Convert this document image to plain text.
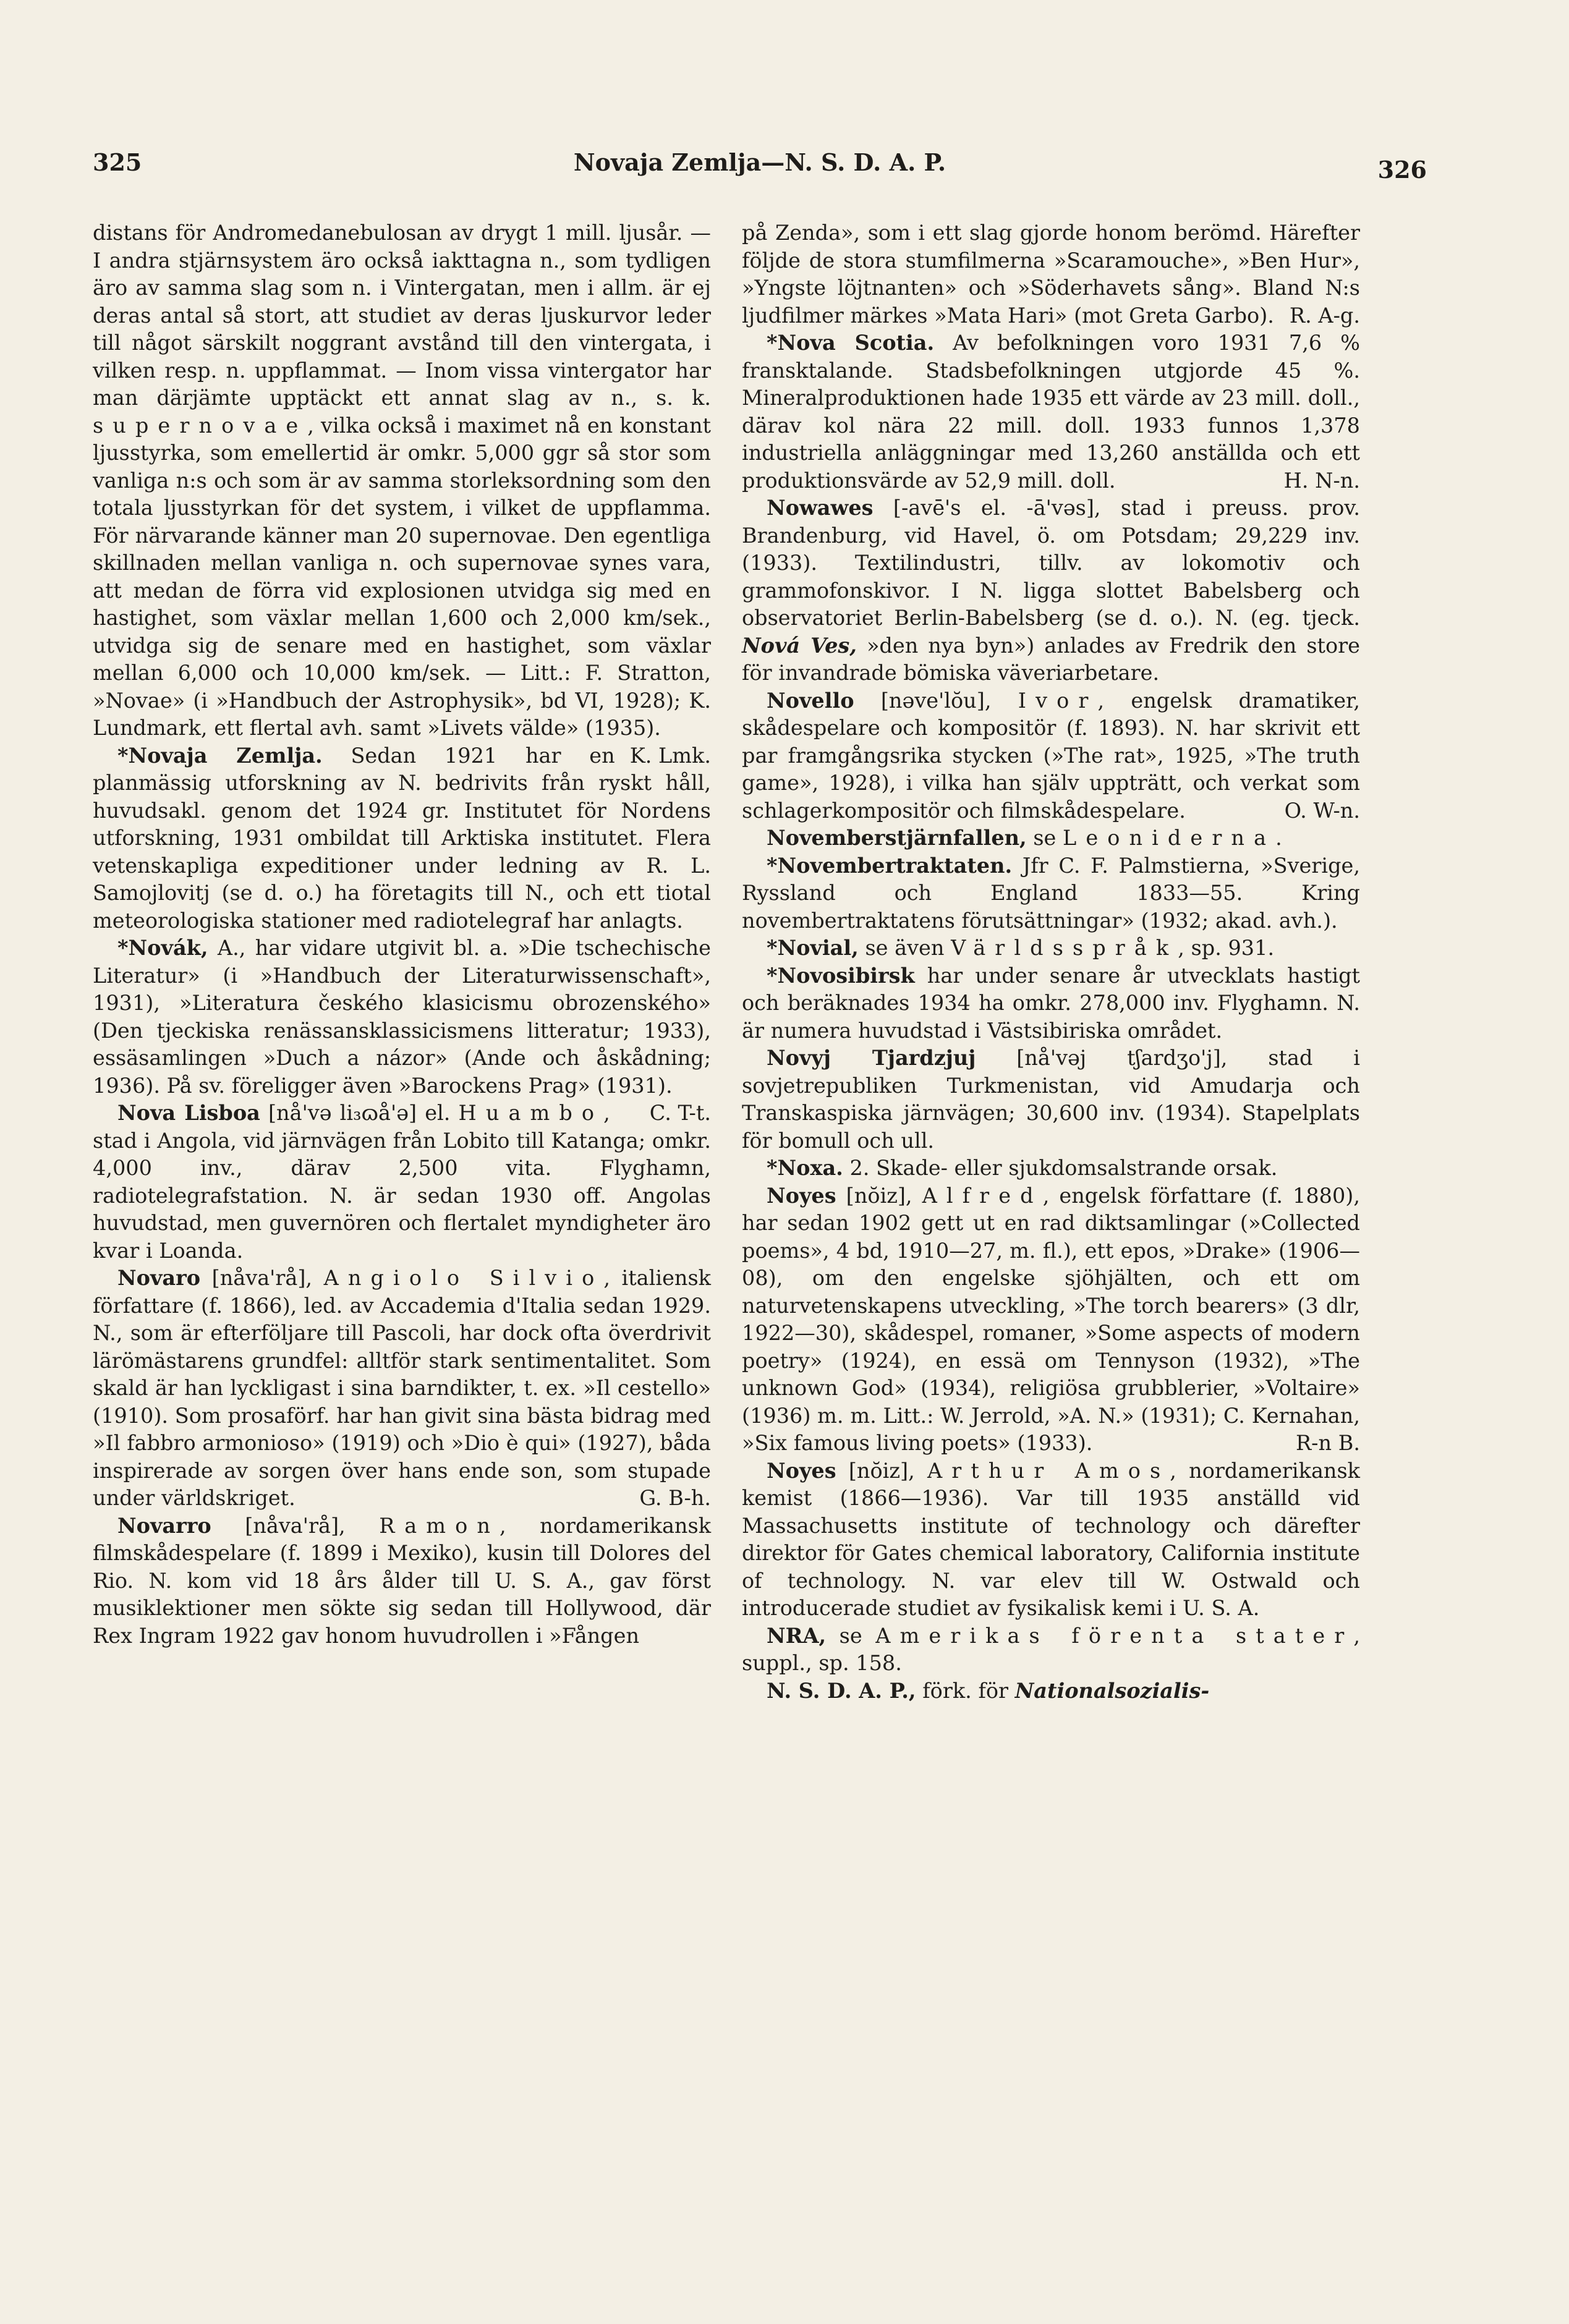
325	Novaja Zemlja—N. S. D. A. P.	326

distans för Andromedanebulosan av drygt 1 mill. ljusår. — I andra stjärnsystem äro också iakttagna n., som tydligen äro av samma slag som n. i Vintergatan, men i allm. är ej deras antal så stort, att studiet av deras ljuskurvor leder till något särskilt noggrant avstånd till den vintergata, i vilken resp. n. uppflammat. — Inom vissa vintergator har man därjämte upptäckt ett annat slag av n., s. k. supernovae, vilka också i maximet nå en konstant ljusstyrka, som emellertid är omkr. 5,000 ggr så stor som vanliga n:s och som är av samma storleksordning som den totala ljusstyrkan för det system, i vilket de uppflamma. För närvarande känner man 20 supernovae. Den egentliga skillnaden mellan vanliga n. och supernovae synes vara, att medan de förra vid explosionen utvidga sig med en hastighet, som växlar mellan 1,600 och 2,000 km/sek., utvidga sig de senare med en hastighet, som växlar mellan 6,000 och 10,000 km/sek. — Litt.: F. Stratton, »Novae» (i »Handbuch der Astrophysik», bd VI, 1928); K. Lundmark, ett flertal avh. samt »Livets välde» (1935).
K. Lmk.

*Novaja Zemlja. Sedan 1921 har en planmässig utforskning av N. bedrivits från ryskt håll, huvudsakl. genom det 1924 gr. Institutet för Nordens utforskning, 1931 ombildat till Arktiska institutet. Flera vetenskapliga expeditioner under ledning av R. L. Samojlovitj (se d. o.) ha företagits till N., och ett tiotal meteorologiska stationer med radiotelegraf har anlagts.

*Novák, A., har vidare utgivit bl. a. »Die tschechische Literatur» (i »Handbuch der Literaturwissenschaft», 1931), »Literatura českého klasicismu obrozenského» (Den tjeckiska renässansklassicismens litteratur; 1933), essäsamlingen »Duch a názor» (Ande och åskådning; 1936). På sv. föreligger även »Barockens Prag» (1931).
C. T-t.

Nova Lisboa [nå'və li₃ɷå'ə] el. Huambo, stad i Angola, vid järnvägen från Lobito till Katanga; omkr. 4,000 inv., därav 2,500 vita. Flyghamn, radiotelegrafstation. N. är sedan 1930 off. Angolas huvudstad, men guvernören och flertalet myndigheter äro kvar i Loanda.

Novaro [nåva'rå], Angiolo Silvio, italiensk författare (f. 1866), led. av Accademia d'Italia sedan 1929. N., som är efterföljare till Pascoli, har dock ofta överdrivit lärömästarens grundfel: alltför stark sentimentalitet. Som skald är han lyckligast i sina barndikter, t. ex. »Il cestello» (1910). Som prosaförf. har han givit sina bästa bidrag med »Il fabbro armonioso» (1919) och »Dio è qui» (1927), båda inspirerade av sorgen över hans ende son, som stupade under världskriget.	G. B-h.

Novarro [nåva'rå], Ramon, nordamerikansk filmskådespelare (f. 1899 i Mexiko), kusin till Dolores del Rio. N. kom vid 18 års ålder till U. S. A., gav först musiklektioner men sökte sig sedan till Hollywood, där Rex Ingram 1922 gav honom huvudrollen i »Fången

på Zenda», som i ett slag gjorde honom berömd. Härefter följde de stora stumfilmerna »Scaramouche», »Ben Hur», »Yngste löjtnanten» och »Söderhavets sång». Bland N:s ljudfilmer märkes »Mata Hari» (mot Greta Garbo). R. A-g.

*Nova Scotia. Av befolkningen voro 1931 7,6 % fransktalande. Stadsbefolkningen utgjorde 45 %. Mineralproduktionen hade 1935 ett värde av 23 mill. doll., därav kol nära 22 mill. doll. 1933 funnos 1,378 industriella anläggningar med 13,260 anställda och ett produktionsvärde av 52,9 mill. doll.	H. N-n.

Nowawes [-avē's el. -ā'vəs], stad i preuss. prov. Brandenburg, vid Havel, ö. om Potsdam; 29,229 inv. (1933). Textilindustri, tillv. av lokomotiv och grammofonskivor. I N. ligga slottet Babelsberg och observatoriet Berlin-Babelsberg (se d. o.). N. (eg. tjeck. Nová Ves, »den nya byn») anlades av Fredrik den store för invandrade bömiska väveriarbetare.

Novello [nəve'lŏu], Ivor, engelsk dramatiker, skådespelare och kompositör (f. 1893). N. har skrivit ett par framgångsrika stycken (»The rat», 1925, »The truth game», 1928), i vilka han själv uppträtt, och verkat som schlagerkompositör och filmskådespelare.	O. W-n.

Novemberstjärnfallen, se Leoniderna.

*Novembertraktaten. Jfr C. F. Palmstierna, »Sverige, Ryssland och England 1833—55. Kring novembertraktatens förutsättningar» (1932; akad. avh.).

*Novial, se även Världsspråk, sp. 931.

*Novosibirsk har under senare år utvecklats hastigt och beräknades 1934 ha omkr. 278,000 inv. Flyghamn. N. är numera huvudstad i Västsibiriska området.

Novyj Tjardzjuj [nå'vəj tʃardʒo'j], stad i sovjetrepubliken Turkmenistan, vid Amudarja och Transkaspiska järnvägen; 30,600 inv. (1934). Stapelplats för bomull och ull.

*Noxa. 2. Skade- eller sjukdomsalstrande orsak.

Noyes [nŏiz], Alfred, engelsk författare (f. 1880), har sedan 1902 gett ut en rad diktsamlingar (»Collected poems», 4 bd, 1910—27, m. fl.), ett epos, »Drake» (1906—08), om den engelske sjöhjälten, och ett om naturvetenskapens utveckling, »The torch bearers» (3 dlr, 1922—30), skådespel, romaner, »Some aspects of modern poetry» (1924), en essä om Tennyson (1932), »The unknown God» (1934), religiösa grubblerier, »Voltaire» (1936) m. m. Litt.: W. Jerrold, »A. N.» (1931); C. Kernahan, »Six famous living poets» (1933).	R-n B.

Noyes [nŏiz], Arthur Amos, nordamerikansk kemist (1866—1936). Var till 1935 anställd vid Massachusetts institute of technology och därefter direktor för Gates chemical laboratory, California institute of technology. N. var elev till W. Ostwald och introducerade studiet av fysikalisk kemi i U. S. A.

NRA, se Amerikas förenta stater, suppl., sp. 158.

N. S. D. A. P., förk. för Nationalsozialis-
